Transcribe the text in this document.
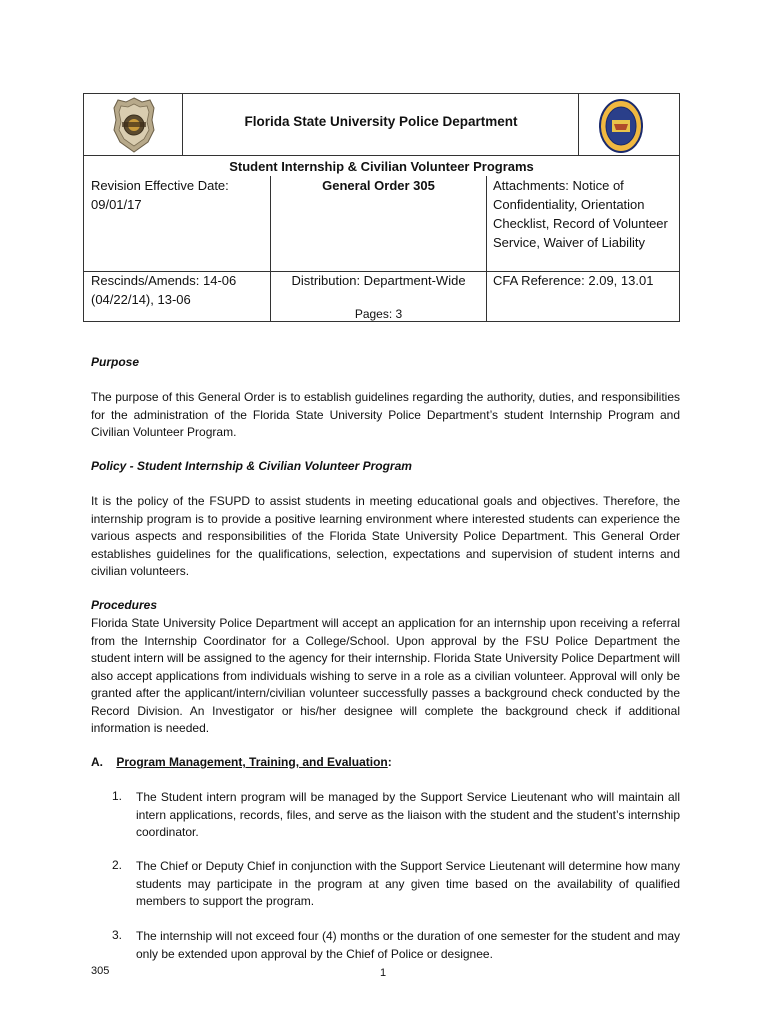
Florida State University Police Department
Student Internship & Civilian Volunteer Programs
Revision Effective Date:
09/01/17
General Order 305	Attachments: Notice of Confidentiality, Orientation Checklist, Record of Volunteer Service, Waiver of Liability
Rescinds/Amends: 14-06
(04/22/14), 13-06
Distribution: Department-Wide
Pages: 3
CFA Reference: 2.09, 13.01
Purpose
The purpose of this General Order is to establish guidelines regarding the authority, duties, and responsibilities for the administration of the Florida State University Police Department’s student Internship Program and Civilian Volunteer Program.
Policy - Student Internship & Civilian Volunteer Program
It is the policy of the FSUPD to assist students in meeting educational goals and objectives. Therefore, the internship program is to provide a positive learning environment where interested students can experience the various aspects and responsibilities of the Florida State University Police Department. This General Order establishes guidelines for the qualifications, selection, expectations and supervision of student interns and civilian volunteers.
Procedures
Florida State University Police Department will accept an application for an internship upon receiving a referral from the Internship Coordinator for a College/School. Upon approval by the FSU Police Department the student intern will be assigned to the agency for their internship. Florida State University Police Department will also accept applications from individuals wishing to serve in a role as a civilian volunteer. Approval will only be granted after the applicant/intern/civilian volunteer successfully passes a background check conducted by the Record Division. An Investigator or his/her designee will complete the background check if additional information is needed.
A. Program Management, Training, and Evaluation:
1. The Student intern program will be managed by the Support Service Lieutenant who will maintain all intern applications, records, files, and serve as the liaison with the student and the student’s internship coordinator.
2. The Chief or Deputy Chief in conjunction with the Support Service Lieutenant will determine how many students may participate in the program at any given time based on the availability of qualified members to support the program.
3. The internship will not exceed four (4) months or the duration of one semester for the student and may only be extended upon approval by the Chief of Police or designee.
305	1
